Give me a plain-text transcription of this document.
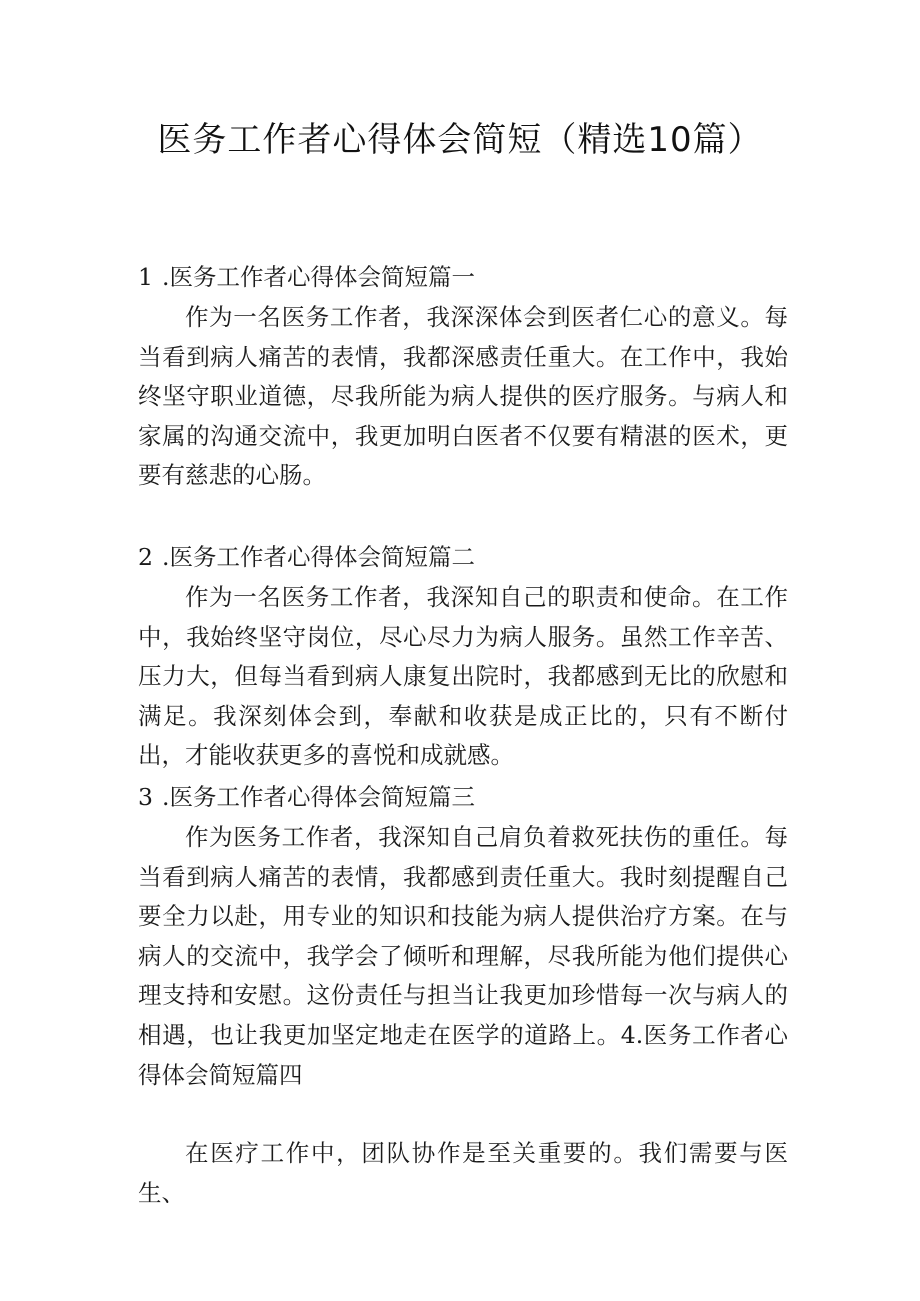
医务工作者心得体会简短（精选10篇）
1 .医务工作者心得体会简短篇一

作为一名医务工作者，我深深体会到医者仁心的意义。每当看到病人痛苦的表情，我都深感责任重大。在工作中，我始终坚守职业道德，尽我所能为病人提供的医疗服务。与病人和家属的沟通交流中，我更加明白医者不仅要有精湛的医术，更要有慈悲的心肠。

2 .医务工作者心得体会简短篇二

作为一名医务工作者，我深知自己的职责和使命。在工作中，我始终坚守岗位，尽心尽力为病人服务。虽然工作辛苦、压力大，但每当看到病人康复出院时，我都感到无比的欣慰和满足。我深刻体会到，奉献和收获是成正比的，只有不断付出，才能收获更多的喜悦和成就感。

3 .医务工作者心得体会简短篇三

作为医务工作者，我深知自己肩负着救死扶伤的重任。每当看到病人痛苦的表情，我都感到责任重大。我时刻提醒自己要全力以赴，用专业的知识和技能为病人提供治疗方案。在与病人的交流中，我学会了倾听和理解，尽我所能为他们提供心理支持和安慰。这份责任与担当让我更加珍惜每一次与病人的相遇，也让我更加坚定地走在医学的道路上。4.医务工作者心得体会简短篇四

在医疗工作中，团队协作是至关重要的。我们需要与医生、
